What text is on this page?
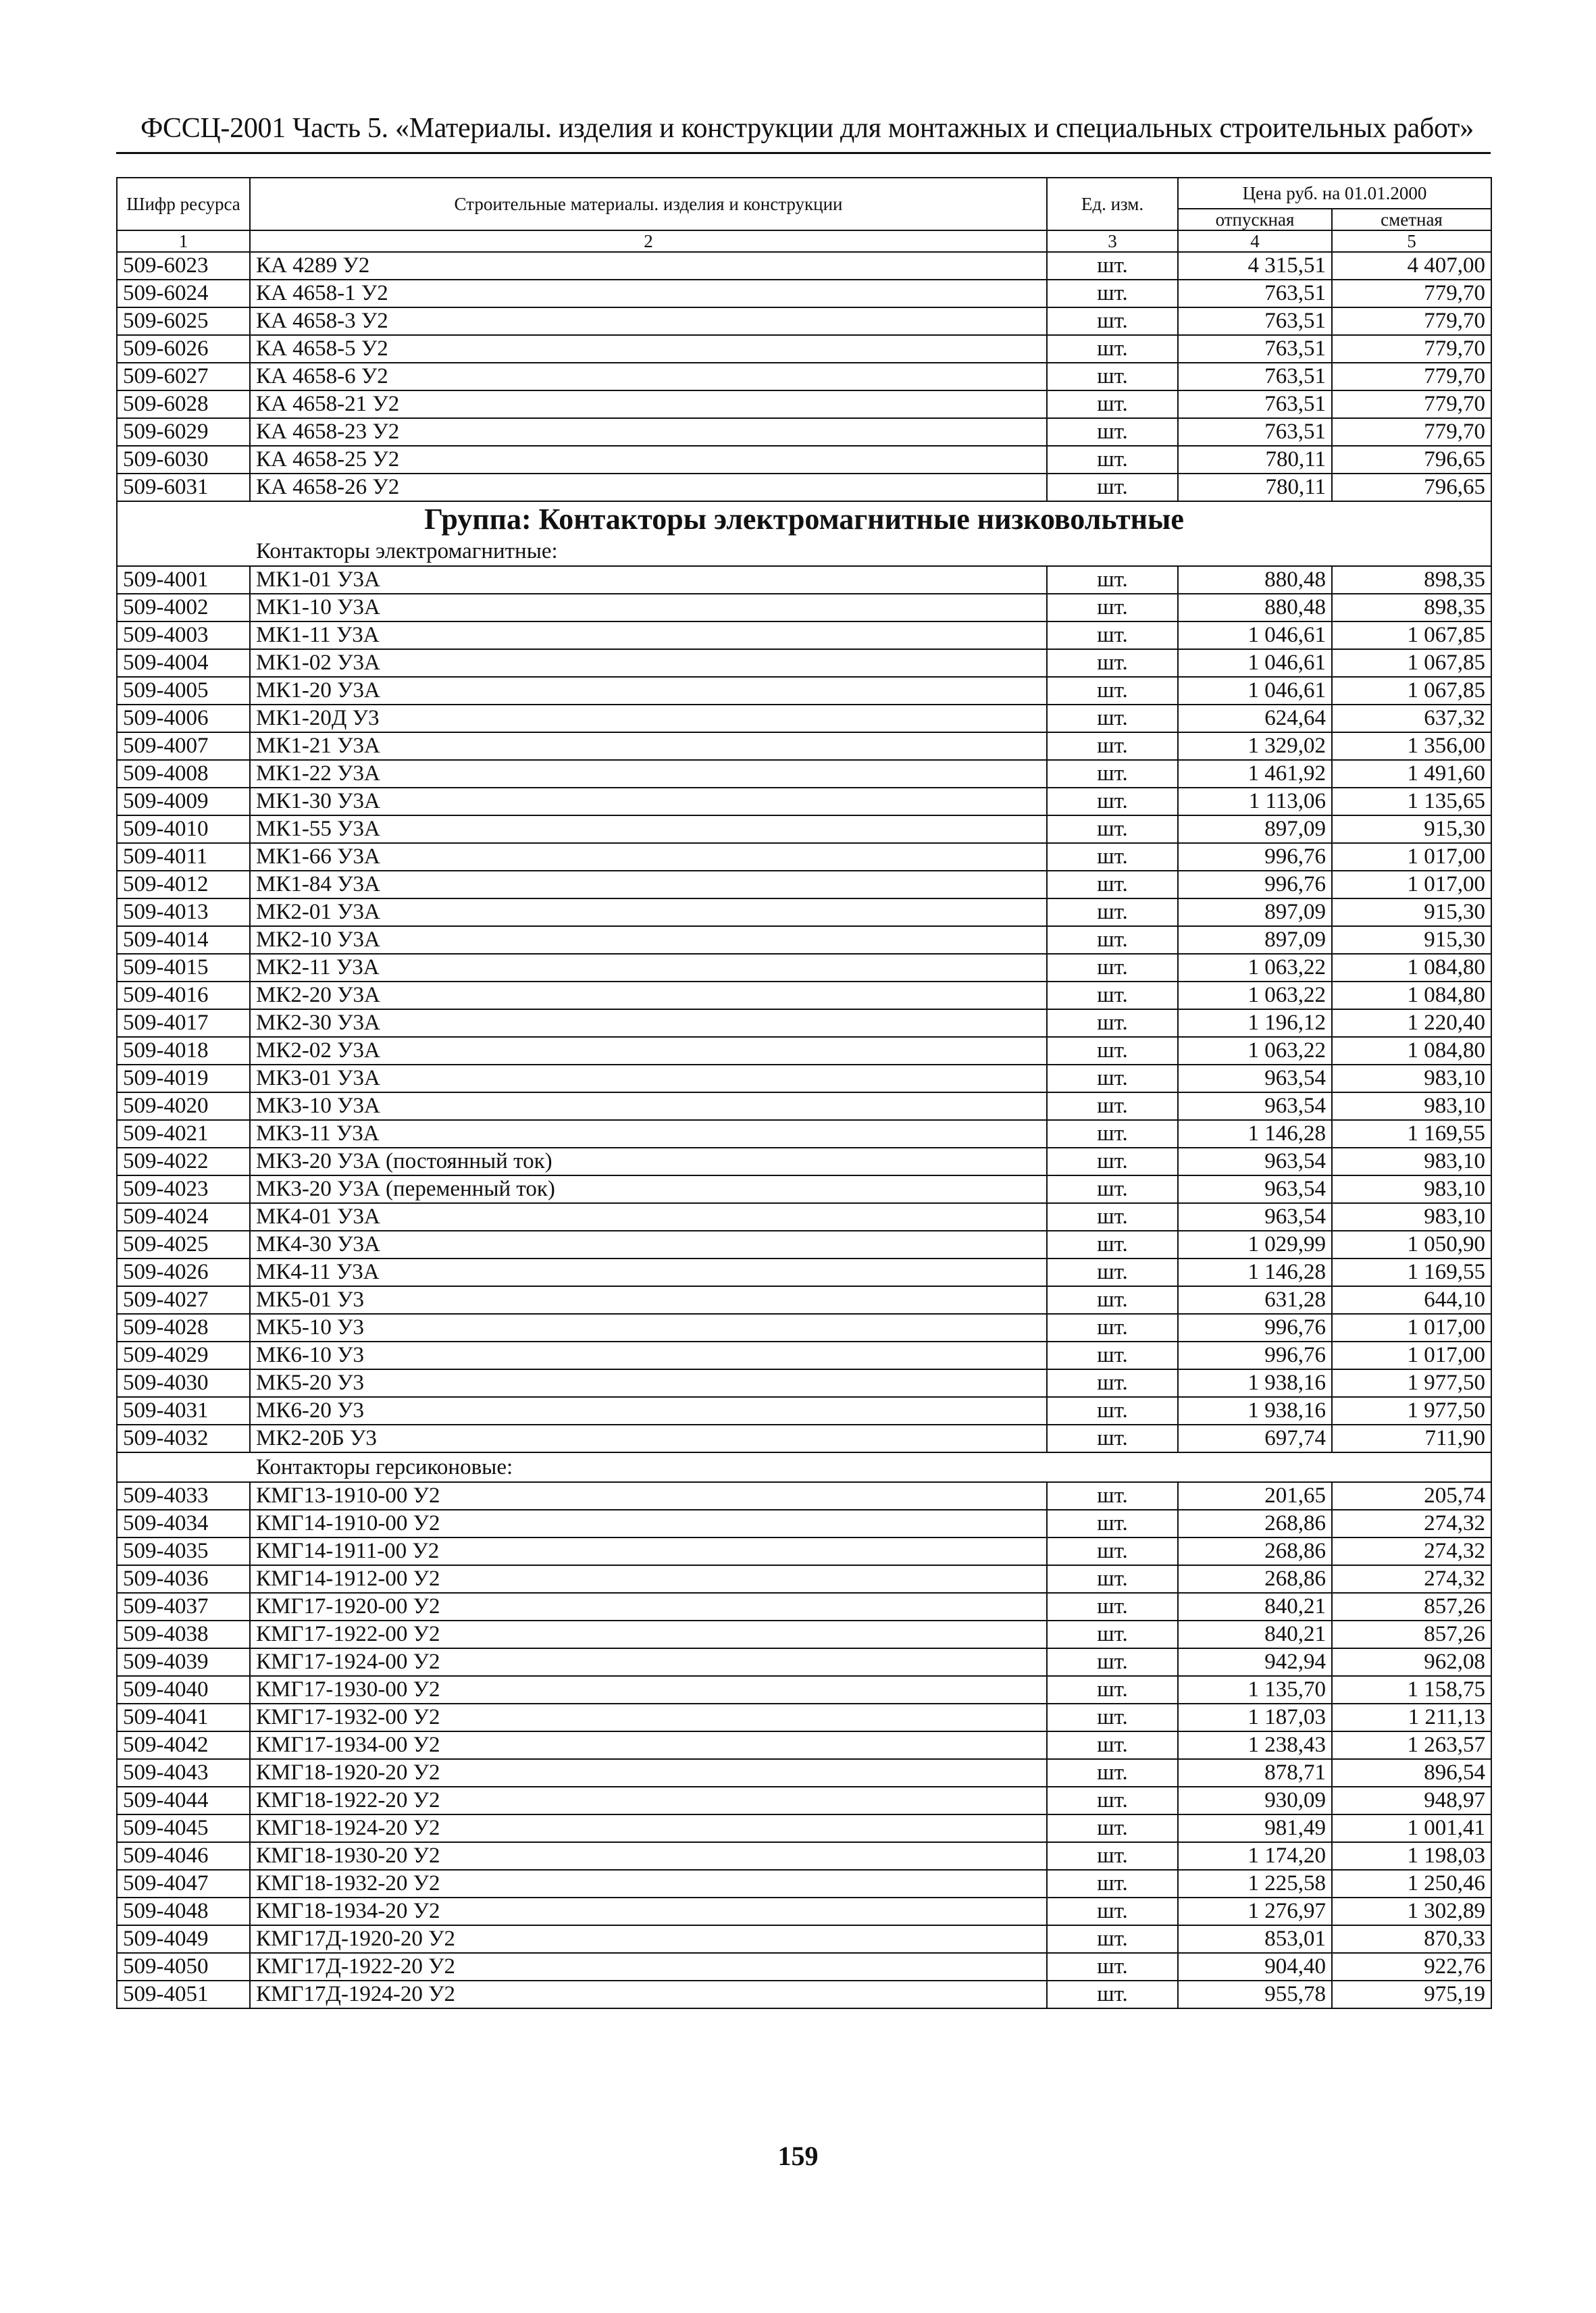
ФССЦ-2001 Часть 5. «Материалы. изделия и конструкции для монтажных и специальных строительных работ»
Шифр ресурса	Строительные материалы. изделия и конструкции	Ед. изм.	Цена руб. на 01.01.2000	
			отпускная	сметная
1	2	3	4	5
509-6023	КА 4289 У2	шт.	4 315,51	4 407,00
509-6024	КА 4658-1 У2	шт.	763,51	779,70
509-6025	КА 4658-3 У2	шт.	763,51	779,70
509-6026	КА 4658-5 У2	шт.	763,51	779,70
509-6027	КА 4658-6 У2	шт.	763,51	779,70
509-6028	КА 4658-21 У2	шт.	763,51	779,70
509-6029	КА 4658-23 У2	шт.	763,51	779,70
509-6030	КА 4658-25 У2	шт.	780,11	796,65
509-6031	КА 4658-26 У2	шт.	780,11	796,65
Группа: Контакторы электромагнитные низковольтные				
Контакторы электромагнитные:				
509-4001	МК1-01 У3А	шт.	880,48	898,35
509-4002	МК1-10 У3А	шт.	880,48	898,35
509-4003	МК1-11 У3А	шт.	1 046,61	1 067,85
509-4004	МК1-02 У3А	шт.	1 046,61	1 067,85
509-4005	МК1-20 У3А	шт.	1 046,61	1 067,85
509-4006	МК1-20Д У3	шт.	624,64	637,32
509-4007	МК1-21 У3А	шт.	1 329,02	1 356,00
509-4008	МК1-22 У3А	шт.	1 461,92	1 491,60
509-4009	МК1-30 У3А	шт.	1 113,06	1 135,65
509-4010	МК1-55 У3А	шт.	897,09	915,30
509-4011	МК1-66 У3А	шт.	996,76	1 017,00
509-4012	МК1-84 У3А	шт.	996,76	1 017,00
509-4013	МК2-01 У3А	шт.	897,09	915,30
509-4014	МК2-10 У3А	шт.	897,09	915,30
509-4015	МК2-11 У3А	шт.	1 063,22	1 084,80
509-4016	МК2-20 У3А	шт.	1 063,22	1 084,80
509-4017	МК2-30 У3А	шт.	1 196,12	1 220,40
509-4018	МК2-02 У3А	шт.	1 063,22	1 084,80
509-4019	МК3-01 У3А	шт.	963,54	983,10
509-4020	МК3-10 У3А	шт.	963,54	983,10
509-4021	МК3-11 У3А	шт.	1 146,28	1 169,55
509-4022	МК3-20 У3А (постоянный ток)	шт.	963,54	983,10
509-4023	МК3-20 У3А (переменный ток)	шт.	963,54	983,10
509-4024	МК4-01 У3А	шт.	963,54	983,10
509-4025	МК4-30 У3А	шт.	1 029,99	1 050,90
509-4026	МК4-11 У3А	шт.	1 146,28	1 169,55
509-4027	МК5-01 У3	шт.	631,28	644,10
509-4028	МК5-10 У3	шт.	996,76	1 017,00
509-4029	МК6-10 У3	шт.	996,76	1 017,00
509-4030	МК5-20 У3	шт.	1 938,16	1 977,50
509-4031	МК6-20 У3	шт.	1 938,16	1 977,50
509-4032	МК2-20Б У3	шт.	697,74	711,90
Контакторы герсиконовые:				
509-4033	КМГ13-1910-00 У2	шт.	201,65	205,74
509-4034	КМГ14-1910-00 У2	шт.	268,86	274,32
509-4035	КМГ14-1911-00 У2	шт.	268,86	274,32
509-4036	КМГ14-1912-00 У2	шт.	268,86	274,32
509-4037	КМГ17-1920-00 У2	шт.	840,21	857,26
509-4038	КМГ17-1922-00 У2	шт.	840,21	857,26
509-4039	КМГ17-1924-00 У2	шт.	942,94	962,08
509-4040	КМГ17-1930-00 У2	шт.	1 135,70	1 158,75
509-4041	КМГ17-1932-00 У2	шт.	1 187,03	1 211,13
509-4042	КМГ17-1934-00 У2	шт.	1 238,43	1 263,57
509-4043	КМГ18-1920-20 У2	шт.	878,71	896,54
509-4044	КМГ18-1922-20 У2	шт.	930,09	948,97
509-4045	КМГ18-1924-20 У2	шт.	981,49	1 001,41
509-4046	КМГ18-1930-20 У2	шт.	1 174,20	1 198,03
509-4047	КМГ18-1932-20 У2	шт.	1 225,58	1 250,46
509-4048	КМГ18-1934-20 У2	шт.	1 276,97	1 302,89
509-4049	КМГ17Д-1920-20 У2	шт.	853,01	870,33
509-4050	КМГ17Д-1922-20 У2	шт.	904,40	922,76
509-4051	КМГ17Д-1924-20 У2	шт.	955,78	975,19
159
